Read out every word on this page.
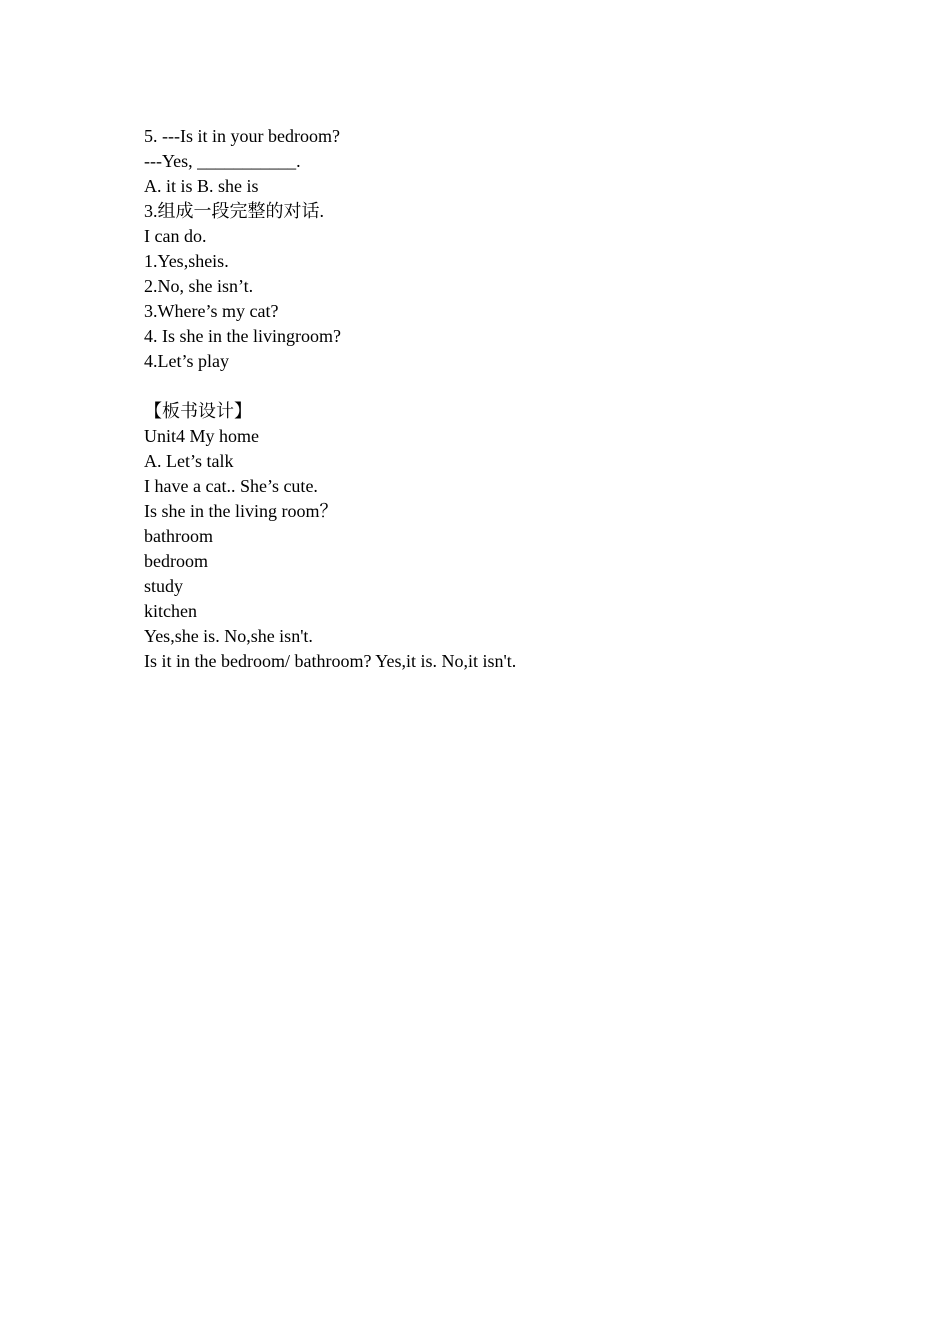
5. ---Is it in your bedroom?
---Yes, ___________.
A. it is B. she is
3.组成一段完整的对话.
I can do.
1.Yes,sheis.
2.No, she isn’t.
3.Where’s my cat?
4. Is she in the livingroom?
4.Let’s play
【板书设计】
Unit4 My home
A. Let’s talk
I have a cat.. She’s cute.
Is she in the living room？
bathroom
bedroom
study
kitchen
Yes,she is. No,she isn't.
Is it in the bedroom/ bathroom? Yes,it is. No,it isn't.
